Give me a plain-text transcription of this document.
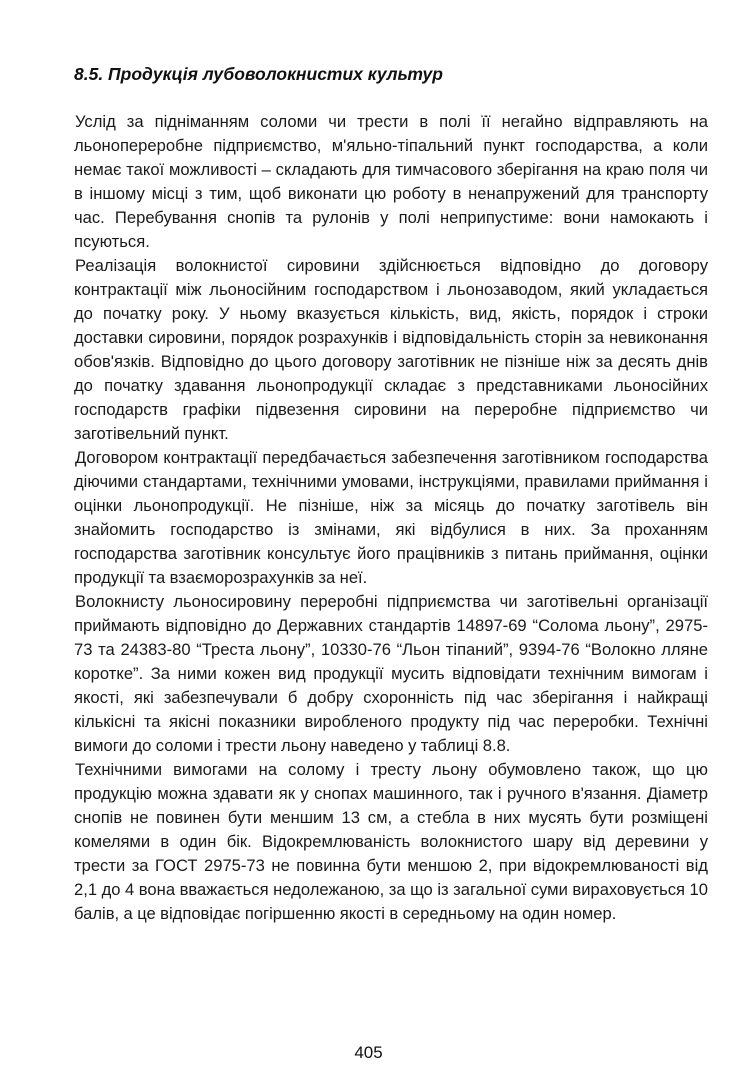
8.5. Продукція лубоволокнистих культур

Услід за підніманням соломи чи трести в полі її негайно відправляють на льонопереробне підприємство, м'яльно-тіпальний пункт господарства, а коли немає такої можливості – складають для тимчасового зберігання на краю поля чи в іншому місці з тим, щоб виконати цю роботу в ненапружений для транспорту час. Перебування снопів та рулонів у полі неприпустиме: вони намокають і псуються.

Реалізація волокнистої сировини здійснюється відповідно до договору контрактації між льоносійним господарством і льонозаводом, який укладається до початку року. У ньому вказується кількість, вид, якість, порядок і строки доставки сировини, порядок розрахунків і відповідальність сторін за невиконання обов'язків. Відповідно до цього договору заготівник не пізніше ніж за десять днів до початку здавання льонопродукції складає з представниками льоносійних господарств графіки підвезення сировини на переробне підприємство чи заготівельний пункт.

Договором контрактації передбачається забезпечення заготівником господарства діючими стандартами, технічними умовами, інструкціями, правилами приймання і оцінки льонопродукції. Не пізніше, ніж за місяць до початку заготівель він знайомить господарство із змінами, які відбулися в них. За проханням господарства заготівник консультує його працівників з питань приймання, оцінки продукції та взаєморозрахунків за неї.

Волокнисту льоносировину переробні підприємства чи заготівельні організації приймають відповідно до Державних стандартів 14897-69 “Солома льону”, 2975-73 та 24383-80 “Треста льону”, 10330-76 “Льон тіпаний”, 9394-76 “Волокно лляне коротке”. За ними кожен вид продукції мусить відповідати технічним вимогам і якості, які забезпечували б добру схоронність під час зберігання і найкращі кількісні та якісні показники виробленого продукту під час переробки. Технічні вимоги до соломи і трести льону наведено у таблиці 8.8.

Технічними вимогами на солому і тресту льону обумовлено також, що цю продукцію можна здавати як у снопах машинного, так і ручного в'язання. Діаметр снопів не повинен бути меншим 13 см, а стебла в них мусять бути розміщені комелями в один бік. Відокремлюваність волокнистого шару від деревини у трести за ГОСТ 2975-73 не повинна бути меншою 2, при відокремлюваності від 2,1 до 4 вона вважається недолежаною, за що із загальної суми вираховується 10 балів, а це відповідає погіршенню якості в середньому на один номер.

405
